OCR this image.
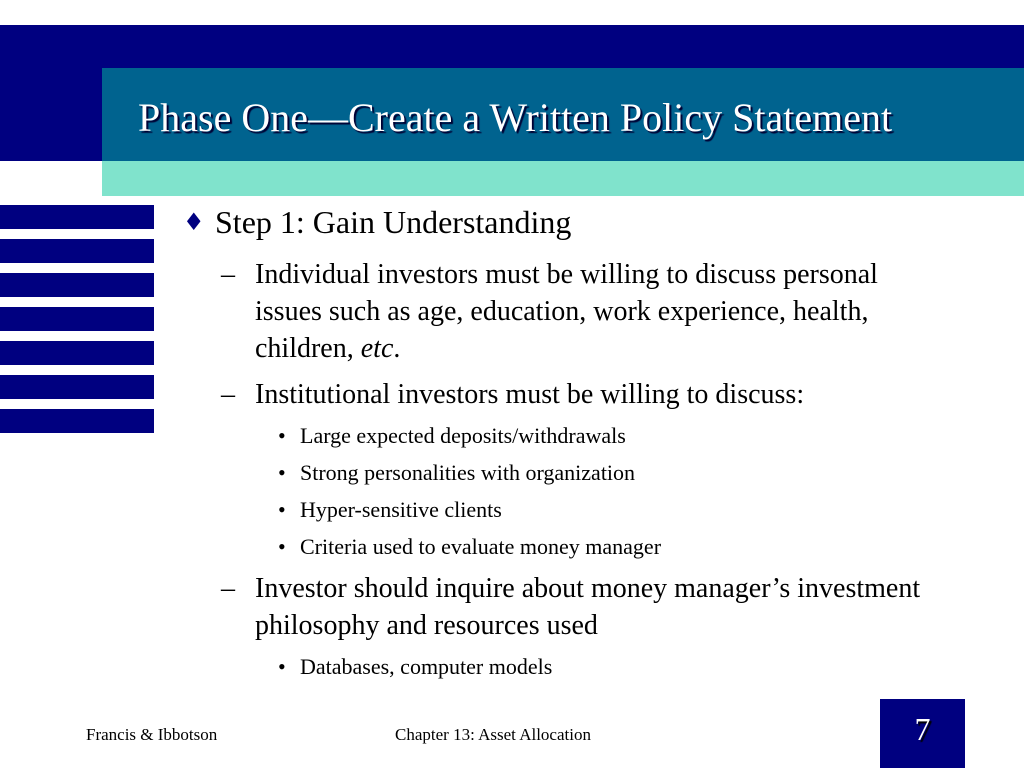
Phase One—Create a Written Policy Statement
♦ Step 1: Gain Understanding
– Individual investors must be willing to discuss personal issues such as age, education, work experience, health, children, etc.
– Institutional investors must be willing to discuss:
• Large expected deposits/withdrawals
• Strong personalities with organization
• Hyper-sensitive clients
• Criteria used to evaluate money manager
– Investor should inquire about money manager’s investment philosophy and resources used
• Databases, computer models
Francis & Ibbotson	Chapter 13: Asset Allocation	7
